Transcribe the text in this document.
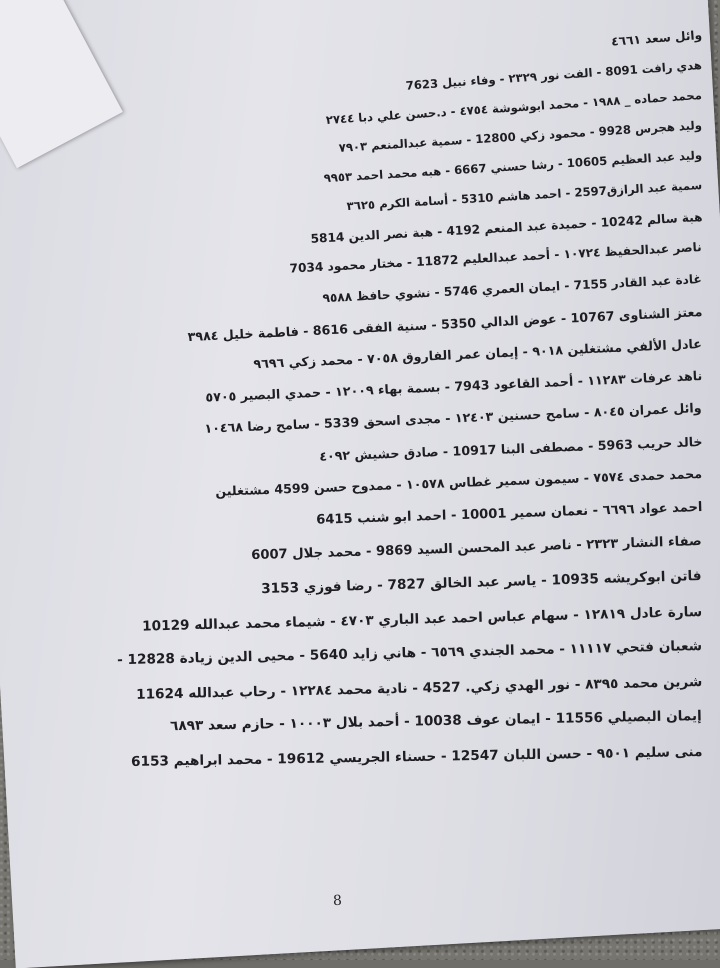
وائل سعد ٤٦٦١
هدي رافت 8091 - الفت نور ٢٣٢٩ - وفاء نبيل 7623
محمد حماده _ ١٩٨٨ - محمد ابوشوشة ٤٧٥٤ - د.حسن علي دبا ٢٧٤٤
وليد هجرس 9928 - محمود زكي 12800 - سمية عبدالمنعم ٧٩٠٣
وليد عبد العظيم 10605 - رشا حسني 6667 - هبه محمد احمد ٩٩٥٣
سمية عبد الرازق2597 - احمد هاشم 5310 - أسامة الكرم ٣٦٢٥
هبة سالم 10242 - حميدة عبد المنعم 4192 - هبة نصر الدين 5814
ناصر عبدالحفيظ ١٠٧٢٤ - أحمد عبدالعليم 11872 - مختار محمود 7034
غادة عبد القادر 7155 - ايمان العمري 5746 - نشوي حافظ ٩٥٨٨
معتز الشناوى 10767 - عوض الدالي 5350 - سنية الفقى 8616 - فاطمة خليل ٣٩٨٤
عادل الألفي مشتغلين ٩٠١٨ - إيمان عمر الفاروق ٧٠٥٨ - محمد زكي ٩٦٩٦
ناهد عرفات ١١٢٨٣ - أحمد القاعود 7943 - بسمة بهاء ١٢٠٠٩ - حمدي البصير ٥٧٠٥
وائل عمران ٨٠٤٥ - سامح حسنين ١٢٤٠٣ - مجدى اسحق 5339 - سامح رضا ١٠٤٦٨
خالد حريب 5963 - مصطفى البنا 10917 - صادق حشيش ٤٠٩٢
محمد حمدى ٧٥٧٤ - سيمون سمير غطاس ١٠٥٧٨ - ممدوح حسن 4599 مشتغلين
احمد عواد ٦٦٩٦ - نعمان سمير 10001 - احمد ابو شنب 6415
صفاء النشار ٢٣٢٣ - ناصر عبد المحسن السيد 9869 - محمد جلال 6007
فاتن ابوكريشه 10935 - ياسر عبد الخالق 7827 - رضا فوزي 3153
سارة عادل ١٢٨١٩ - سهام عباس احمد عبد الباري ٤٧٠٣ - شيماء محمد عبدالله 10129
شعبان فتحي ١١١١٧ - محمد الجندي ٦٥٦٩ - هاني زايد 5640 - محيى الدين زيادة 12828 -
شرين محمد ٨٣٩٥ - نور الهدي زكي. 4527 - نادية محمد ١٢٢٨٤ - رحاب عبدالله 11624
إيمان البصيلي 11556 - ايمان عوف 10038 - أحمد بلال ١٠٠٠٣ - حازم سعد ٦٨٩٣
منى سليم ٩٥٠١ - حسن اللبان 12547 - حسناء الجريسي 19612 - محمد ابراهيم 6153
8
